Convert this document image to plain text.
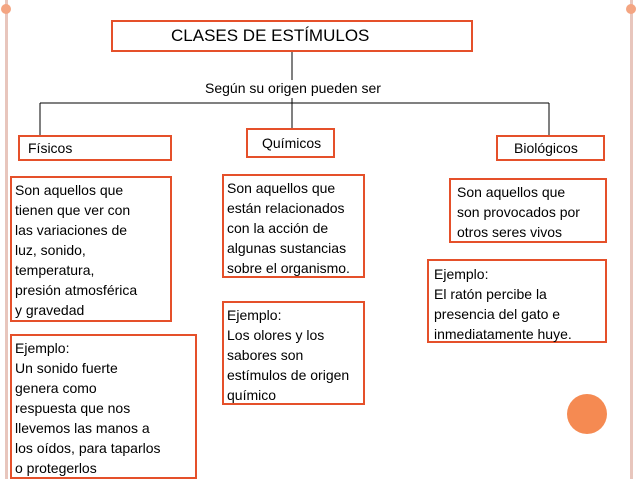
CLASES DE ESTÍMULOS
Según su origen pueden ser
Físicos	Químicos	Biológicos
Son aquellos que
tienen que ver con
las variaciones de
luz, sonido,
temperatura,
presión atmosférica
y gravedad
Son aquellos que
están relacionados
con la acción de
algunas sustancias
sobre el organismo.
Son aquellos que
son provocados por
otros seres vivos
Ejemplo:
Un sonido fuerte
genera como
respuesta que nos
llevemos las manos a
los oídos, para taparlos
o protegerlos
Ejemplo:
Los olores y los
sabores son
estímulos de origen
químico
Ejemplo:
El ratón percibe la
presencia del gato e
inmediatamente huye.
